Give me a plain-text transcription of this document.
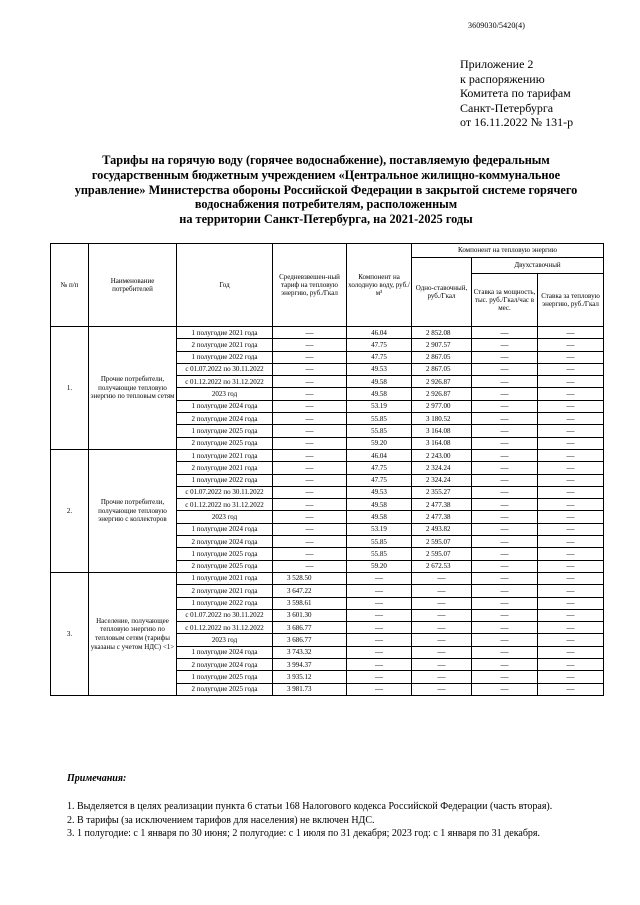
3609030/5420(4)
Приложение 2
к распоряжению
Комитета по тарифам
Санкт-Петербурга
от 16.11.2022 № 131-р
Тарифы на горячую воду (горячее водоснабжение), поставляемую федеральным
государственным бюджетным учреждением «Центральное жилищно-коммунальное
управление» Министерства обороны Российской Федерации в закрытой системе горячего
водоснабжения потребителям, расположенным
на территории Санкт-Петербурга, на 2021-2025 годы
№ п/п	Наименование потребителей	Год	Средневзвешен-ный тариф на тепловую энергию, руб./Гкал	Компонент на холодную воду, руб./м³	Компонент на тепловую энергию		
					Одно-ставочный, руб./Гкал	Двухставочный	
						Ставка за мощность, тыс. руб./Гкал/час в мес.	Ставка за тепловую энергию, руб./Гкал
1.	Прочие потребители, получающие тепловую энергию по тепловым сетям	1 полугодие 2021 года	—	46.04	2 852.08	—	—
		2 полугодие 2021 года	—	47.75	2 907.57	—	—
		1 полугодие 2022 года	—	47.75	2 867.05	—	—
		с 01.07.2022 по 30.11.2022	—	49.53	2 867.05	—	—
		с 01.12.2022 по 31.12.2022	—	49.58	2 926.87	—	—
		2023 год	—	49.58	2 926.87	—	—
		1 полугодие 2024 года	—	53.19	2 977.00	—	—
		2 полугодие 2024 года	—	55.85	3 180.52	—	—
		1 полугодие 2025 года	—	55.85	3 164.08	—	—
		2 полугодие 2025 года	—	59.20	3 164.08	—	—
2.	Прочие потребители, получающие тепловую энергию с коллекторов	1 полугодие 2021 года	—	46.04	2 243.00	—	—
		2 полугодие 2021 года	—	47.75	2 324.24	—	—
		1 полугодие 2022 года	—	47.75	2 324.24	—	—
		с 01.07.2022 по 30.11.2022	—	49.53	2 355.27	—	—
		с 01.12.2022 по 31.12.2022	—	49.58	2 477.38	—	—
		2023 год	—	49.58	2 477.38	—	—
		1 полугодие 2024 года	—	53.19	2 493.82	—	—
		2 полугодие 2024 года	—	55.85	2 595.07	—	—
		1 полугодие 2025 года	—	55.85	2 595.07	—	—
		2 полугодие 2025 года	—	59.20	2 672.53	—	—
3.	Население, получающее тепловую энергию по тепловым сетям (тарифы указаны с учетом НДС) <1>	1 полугодие 2021 года	3 528.50	—	—	—	—
		2 полугодие 2021 года	3 647.22	—	—	—	—
		1 полугодие 2022 года	3 598.61	—	—	—	—
		с 01.07.2022 по 30.11.2022	3 601.30	—	—	—	—
		с 01.12.2022 по 31.12.2022	3 686.77	—	—	—	—
		2023 год	3 686.77	—	—	—	—
		1 полугодие 2024 года	3 743.32	—	—	—	—
		2 полугодие 2024 года	3 994.37	—	—	—	—
		1 полугодие 2025 года	3 935.12	—	—	—	—
		2 полугодие 2025 года	3 981.73	—	—	—	—
Примечания:
1. Выделяется в целях реализации пункта 6 статьи 168 Налогового кодекса Российской Федерации (часть вторая).
2. В тарифы (за исключением тарифов для населения) не включен НДС.
3. 1 полугодие: с 1 января по 30 июня; 2 полугодие: с 1 июля по 31 декабря; 2023 год: с 1 января по 31 декабря.
